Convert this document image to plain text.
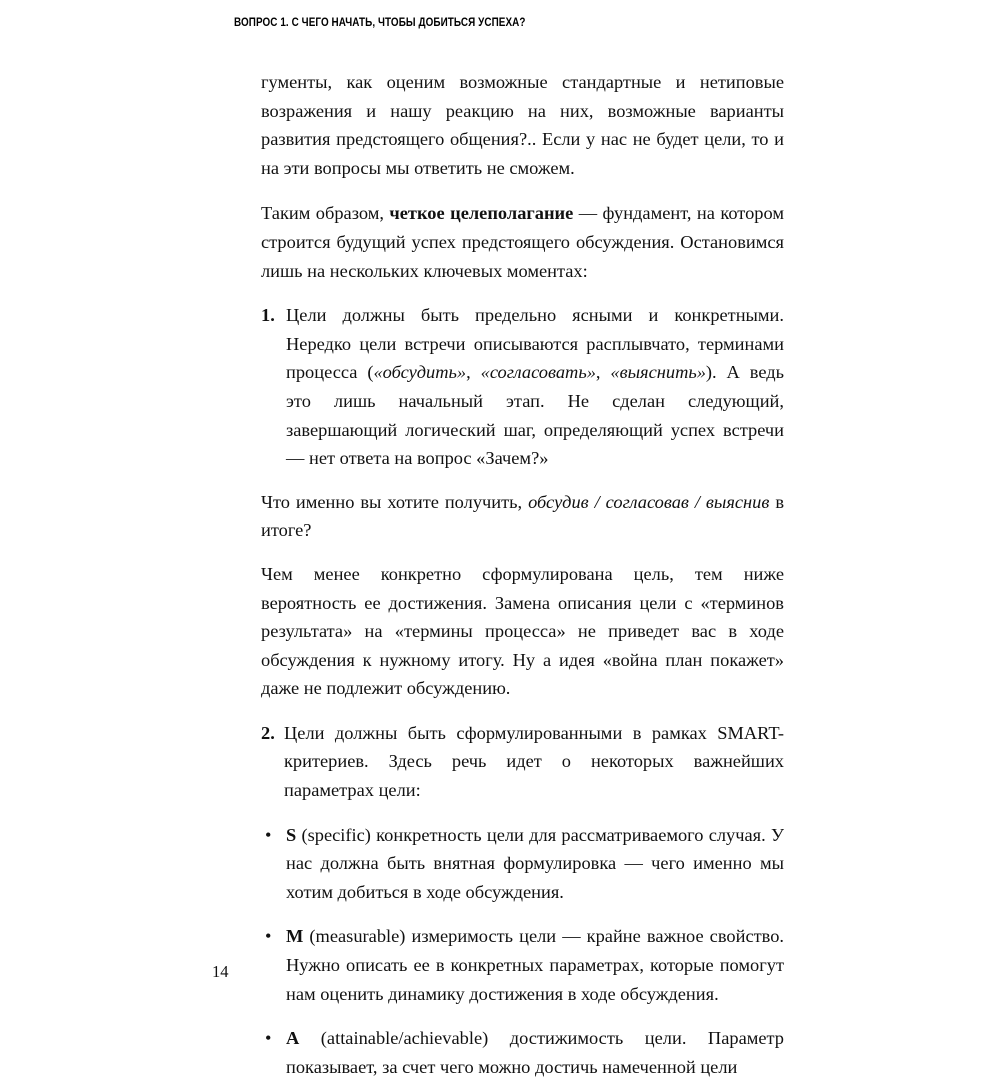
ВОПРОС 1. С ЧЕГО НАЧАТЬ, ЧТОБЫ ДОБИТЬСЯ УСПЕХА?

гументы, как оценим возможные стандартные и нетиповые возражения и нашу реакцию на них, возможные варианты развития предстоящего общения?.. Если у нас не будет цели, то и на эти вопросы мы ответить не сможем.

Таким образом, четкое целеполагание — фундамент, на котором строится будущий успех предстоящего обсуждения. Остановимся лишь на нескольких ключевых моментах:

1. Цели должны быть предельно ясными и конкретными. Нередко цели встречи описываются расплывчато, терминами процесса («обсудить», «согласовать», «выяснить»). А ведь это лишь начальный этап. Не сделан следующий, завершающий логический шаг, определяющий успех встречи — нет ответа на вопрос «Зачем?»

Что именно вы хотите получить, обсудив / согласовав / выяснив в итоге?

Чем менее конкретно сформулирована цель, тем ниже вероятность ее достижения. Замена описания цели с «терминов результата» на «термины процесса» не приведет вас в ходе обсуждения к нужному итогу. Ну а идея «война план покажет» даже не подлежит обсуждению.

2. Цели должны быть сформулированными в рамках SMART-критериев. Здесь речь идет о некоторых важнейших параметрах цели:
• S (specific) конкретность цели для рассматриваемого случая. У нас должна быть внятная формулировка — чего именно мы хотим добиться в ходе обсуждения.
• M (measurable) измеримость цели — крайне важное свойство. Нужно описать ее в конкретных параметрах, которые помогут нам оценить динамику достижения в ходе обсуждения.
• A (attainable/achievable) достижимость цели. Параметр показывает, за счет чего можно достичь намеченной цели
14
